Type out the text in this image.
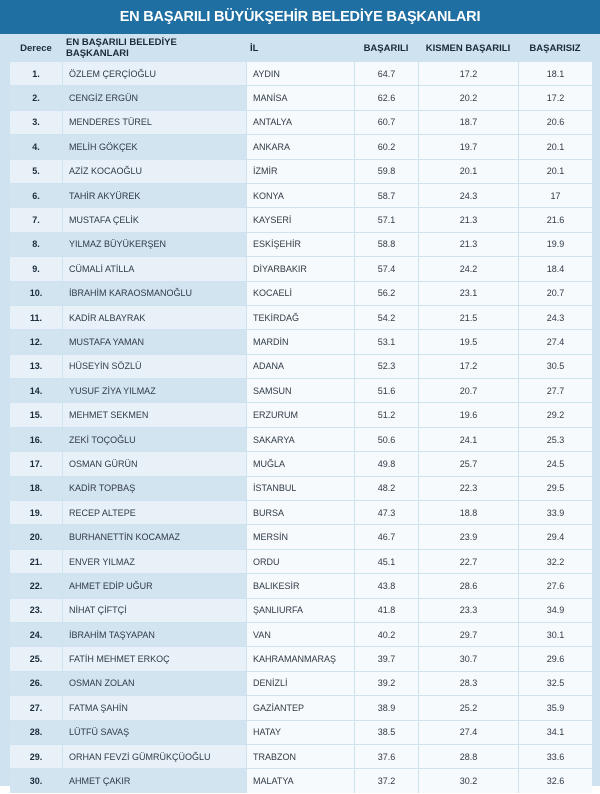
EN BAŞARILI BÜYÜKŞEHİR BELEDİYE BAŞKANLARI
Derece	EN BAŞARILI BELEDİYE BAŞKANLARI	İL	BAŞARILI	KISMEN BAŞARILI	BAŞARISIZ
1.	ÖZLEM ÇERÇİOĞLU	AYDIN	64.7	17.2	18.1
2.	CENGİZ ERGÜN	MANİSA	62.6	20.2	17.2
3.	MENDERES TÜREL	ANTALYA	60.7	18.7	20.6
4.	MELİH GÖKÇEK	ANKARA	60.2	19.7	20.1
5.	AZİZ KOCAOĞLU	İZMİR	59.8	20.1	20.1
6.	TAHİR AKYÜREK	KONYA	58.7	24.3	17
7.	MUSTAFA ÇELİK	KAYSERİ	57.1	21.3	21.6
8.	YILMAZ BÜYÜKERŞEN	ESKİŞEHİR	58.8	21.3	19.9
9.	CÜMALİ ATİLLA	DİYARBAKIR	57.4	24.2	18.4
10.	İBRAHİM KARAOSMANOĞLU	KOCAELİ	56.2	23.1	20.7
11.	KADİR ALBAYRAK	TEKİRDAĞ	54.2	21.5	24.3
12.	MUSTAFA YAMAN	MARDİN	53.1	19.5	27.4
13.	HÜSEYİN SÖZLÜ	ADANA	52.3	17.2	30.5
14.	YUSUF ZİYA YILMAZ	SAMSUN	51.6	20.7	27.7
15.	MEHMET SEKMEN	ERZURUM	51.2	19.6	29.2
16.	ZEKİ TOÇOĞLU	SAKARYA	50.6	24.1	25.3
17.	OSMAN GÜRÜN	MUĞLA	49.8	25.7	24.5
18.	KADİR TOPBAŞ	İSTANBUL	48.2	22.3	29.5
19.	RECEP ALTEPE	BURSA	47.3	18.8	33.9
20.	BURHANETTİN KOCAMAZ	MERSİN	46.7	23.9	29.4
21.	ENVER YILMAZ	ORDU	45.1	22.7	32.2
22.	AHMET EDİP UĞUR	BALIKESİR	43.8	28.6	27.6
23.	NİHAT ÇİFTÇİ	ŞANLIURFA	41.8	23.3	34.9
24.	İBRAHİM TAŞYAPAN	VAN	40.2	29.7	30.1
25.	FATİH MEHMET ERKOÇ	KAHRAMANMARAŞ	39.7	30.7	29.6
26.	OSMAN ZOLAN	DENİZLİ	39.2	28.3	32.5
27.	FATMA ŞAHİN	GAZİANTEP	38.9	25.2	35.9
28.	LÜTFÜ SAVAŞ	HATAY	38.5	27.4	34.1
29.	ORHAN FEVZİ GÜMRÜKÇÜOĞLU	TRABZON	37.6	28.8	33.6
30.	AHMET ÇAKIR	MALATYA	37.2	30.2	32.6
